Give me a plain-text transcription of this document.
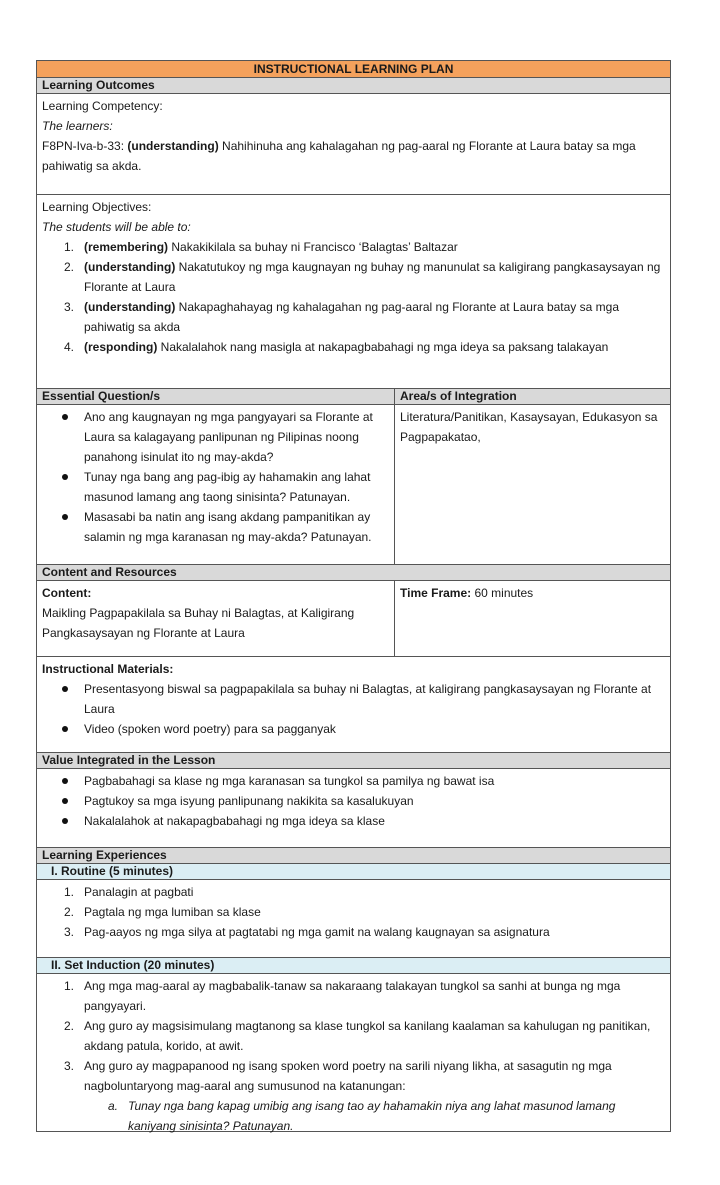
INSTRUCTIONAL LEARNING PLAN
Learning Outcomes
Learning Competency:
The learners:
F8PN-Iva-b-33: (understanding) Nahihinuha ang kahalagahan ng pag-aaral ng Florante at Laura batay sa mga pahiwatig sa akda.
Learning Objectives:
The students will be able to:
1. (remembering) Nakakikilala sa buhay ni Francisco ‘Balagtas’ Baltazar
2. (understanding) Nakatutukoy ng mga kaugnayan ng buhay ng manunulat sa kaligirang pangkasaysayan ng Florante at Laura
3. (understanding) Nakapaghahayag ng kahalagahan ng pag-aaral ng Florante at Laura batay sa mga pahiwatig sa akda
4. (responding) Nakalalahok nang masigla at nakapagbabahagi ng mga ideya sa paksang talakayan
Essential Question/s
Ano ang kaugnayan ng mga pangyayari sa Florante at Laura sa kalagayang panlipunan ng Pilipinas noong panahong isinulat ito ng may-akda?
Tunay nga bang ang pag-ibig ay hahamakin ang lahat masunod lamang ang taong sinisinta? Patunayan.
Masasabi ba natin ang isang akdang pampanitikan ay salamin ng mga karanasan ng may-akda? Patunayan.
Area/s of Integration
Literatura/Panitikan, Kasaysayan, Edukasyon sa Pagpapakatao,
Content and Resources
Content:
Maikling Pagpapakilala sa Buhay ni Balagtas, at Kaligirang Pangkasaysayan ng Florante at Laura
Time Frame: 60 minutes
Instructional Materials:
Presentasyong biswal sa pagpapakilala sa buhay ni Balagtas, at kaligirang pangkasaysayan ng Florante at Laura
Video (spoken word poetry) para sa pagganyak
Value Integrated in the Lesson
Pagbabahagi sa klase ng mga karanasan sa tungkol sa pamilya ng bawat isa
Pagtukoy sa mga isyung panlipunang nakikita sa kasalukuyan
Nakalalahok at nakapagbabahagi ng mga ideya sa klase
Learning Experiences
I. Routine (5 minutes)
1. Panalagin at pagbati
2. Pagtala ng mga lumiban sa klase
3. Pag-aayos ng mga silya at pagtatabi ng mga gamit na walang kaugnayan sa asignatura
II. Set Induction (20 minutes)
1. Ang mga mag-aaral ay magbabalik-tanaw sa nakaraang talakayan tungkol sa sanhi at bunga ng mga pangyayari.
2. Ang guro ay magsisimulang magtanong sa klase tungkol sa kanilang kaalaman sa kahulugan ng panitikan, akdang patula, korido, at awit.
3. Ang guro ay magpapanood ng isang spoken word poetry na sarili niyang likha, at sasagutin ng mga nagboluntaryong mag-aaral ang sumusunod na katanungan:
a. Tunay nga bang kapag umibig ang isang tao ay hahamakin niya ang lahat masunod lamang kaniyang sinisinta? Patunayan.
